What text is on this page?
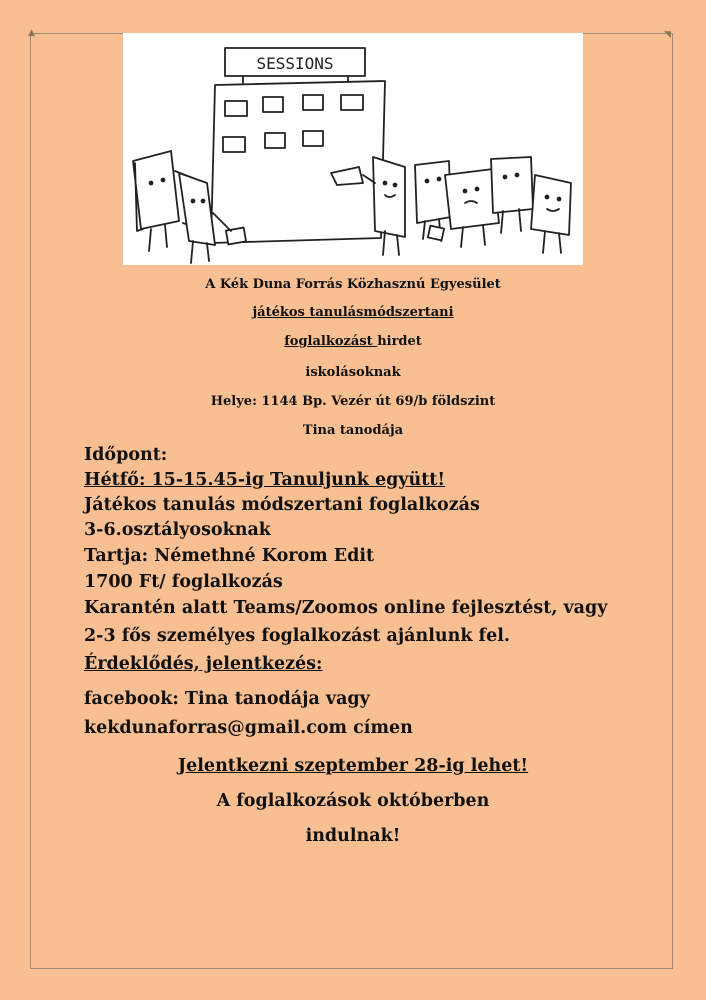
▲	◥
SESSIONS
A Kék Duna Forrás Közhasznú Egyesület
játékos tanulásmódszertani
foglalkozást hirdet
iskolásoknak
Helye: 1144 Bp. Vezér út 69/b földszint
Tina tanodája
Időpont:
Hétfő: 15-15.45-ig Tanuljunk együtt!
Játékos tanulás módszertani foglalkozás
3-6.osztályosoknak
Tartja: Némethné Korom Edit
1700 Ft/ foglalkozás
Karantén alatt Teams/Zoomos online fejlesztést, vagy
2-3 fős személyes foglalkozást ajánlunk fel.
Érdeklődés, jelentkezés:
facebook: Tina tanodája vagy
kekdunaforras@gmail.com címen
Jelentkezni szeptember 28-ig lehet!
A foglalkozások októberben
indulnak!
